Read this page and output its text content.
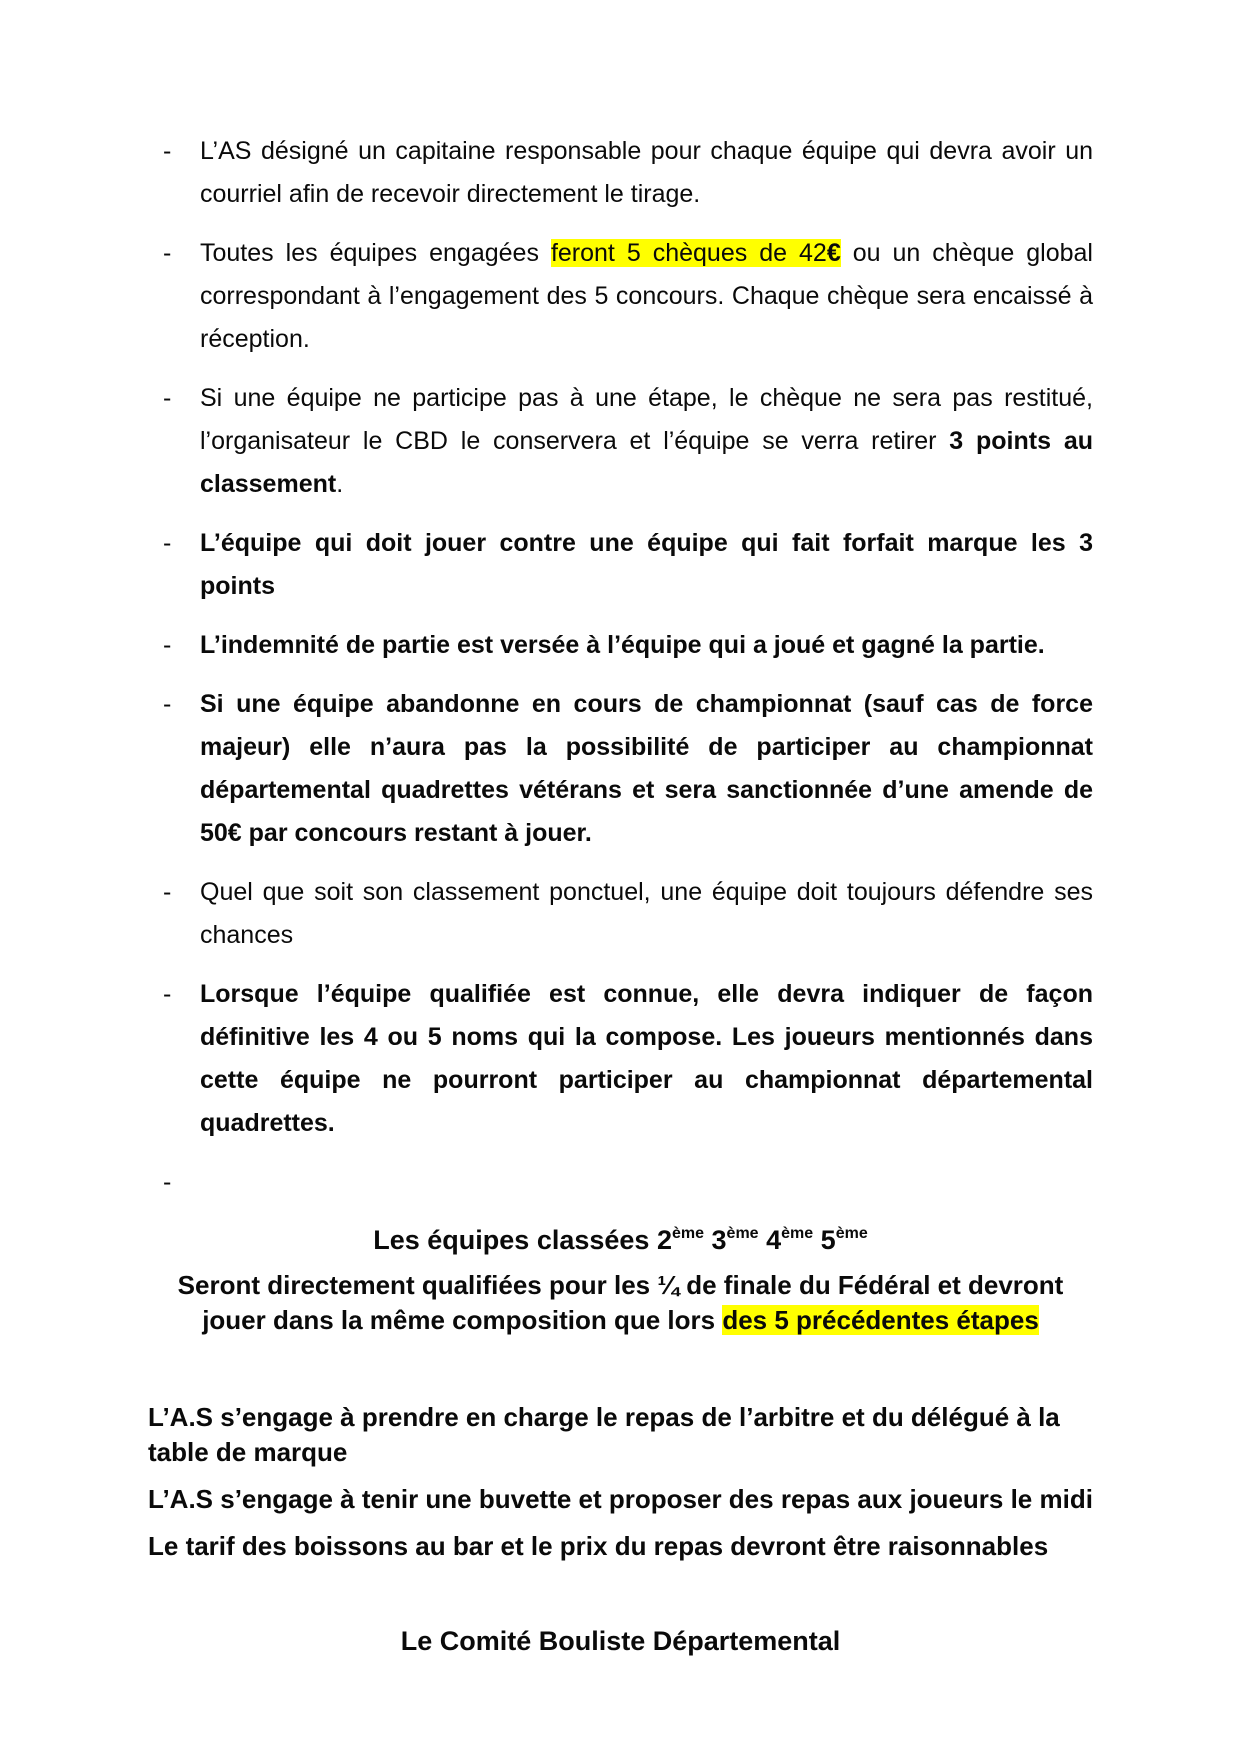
- L’AS désigné un capitaine responsable pour chaque équipe qui devra avoir un courriel afin de recevoir directement le tirage.
- Toutes les équipes engagées feront 5 chèques de 42€ ou un chèque global correspondant à l’engagement des 5 concours. Chaque chèque sera encaissé à réception.
- Si une équipe ne participe pas à une étape, le chèque ne sera pas restitué, l’organisateur le CBD le conservera et l’équipe se verra retirer 3 points au classement.
- L’équipe qui doit jouer contre une équipe qui fait forfait marque les 3 points
- L’indemnité de partie est versée à l’équipe qui a joué et gagné la partie.
- Si une équipe abandonne en cours de championnat (sauf cas de force majeur) elle n’aura pas la possibilité de participer au championnat départemental quadrettes vétérans et sera sanctionnée d’une amende de 50€ par concours restant à jouer.
- Quel que soit son classement ponctuel, une équipe doit toujours défendre ses chances
- Lorsque l’équipe qualifiée est connue, elle devra indiquer de façon définitive les 4 ou 5 noms qui la compose. Les joueurs mentionnés dans cette équipe ne pourront participer au championnat départemental quadrettes.
-
Les équipes classées 2ème 3ème 4ème 5ème
Seront directement qualifiées pour les ¼ de finale du Fédéral et devront jouer dans la même composition que lors des 5 précédentes étapes

L’A.S s’engage à prendre en charge le repas de l’arbitre et du délégué à la table de marque

L’A.S s’engage à tenir une buvette et proposer des repas aux joueurs le midi

Le tarif des boissons au bar et le prix du repas devront être raisonnables

Le Comité Bouliste Départemental
